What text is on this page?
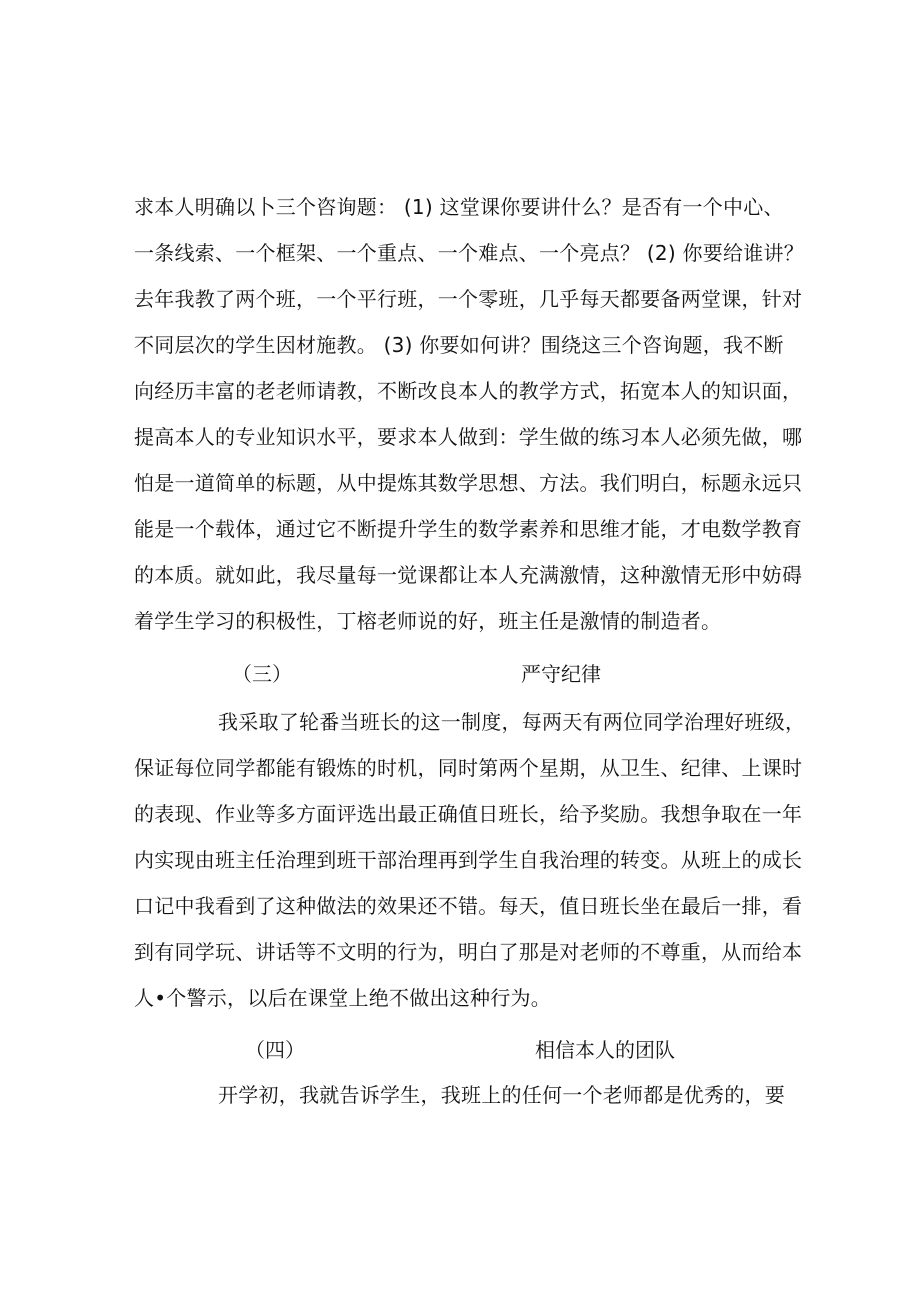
求本人明确以卜三个咨询题： (1) 这堂课你要讲什么？是否有一个中心、
一条线索、一个框架、一个重点、一个难点、一个亮点？ (2) 你要给谁讲？
去年我教了两个班，一个平行班，一个零班，几乎每天都要备两堂课，针对
不同层次的学生因材施教。 (3) 你要如何讲？围绕这三个咨询题，我不断
向经历丰富的老老师请教，不断改良本人的教学方式，拓宽本人的知识面，
提高本人的专业知识水平，要求本人做到：学生做的练习本人必须先做，哪
怕是一道简单的标题，从中提炼其数学思想、方法。我们明白，标题永远只
能是一个载体，通过它不断提升学生的数学素养和思维才能，才电数学教育
的本质。就如此，我尽量每一觉课都让本人充满激情，这种激情无形中妨碍
着学生学习的积极性，丁榕老师说的好，班主任是激情的制造者。
（三）	严守纪律
我采取了轮番当班长的这一制度，每两天有两位同学治理好班级，
保证每位同学都能有锻炼的时机，同时第两个星期，从卫生、纪律、上课时
的表现、作业等多方面评选出最正确值日班长，给予奖励。我想争取在一年
内实现由班主任治理到班干部治理再到学生自我治理的转变。从班上的成长
口记中我看到了这种做法的效果还不错。每天，值日班长坐在最后一排，看
到有同学玩、讲话等不文明的行为，明白了那是对老师的不尊重，从而给本
人•个警示，以后在课堂上绝不做出这种行为。
（四）	相信本人的团队
开学初，我就告诉学生，我班上的任何一个老师都是优秀的，要
